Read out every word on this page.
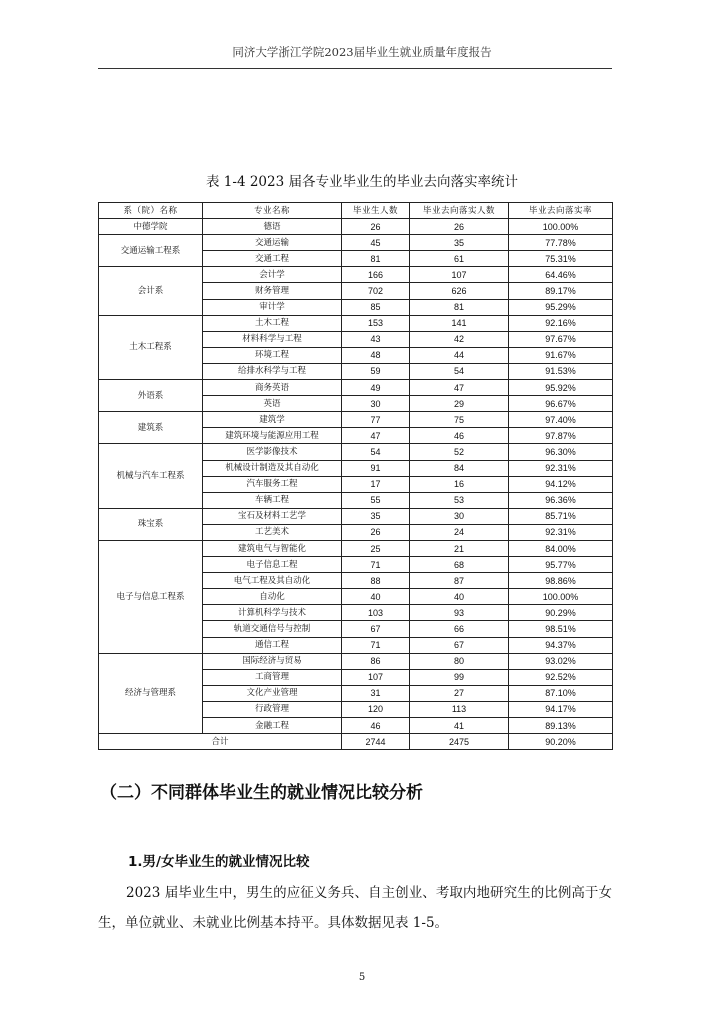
同济大学浙江学院2023届毕业生就业质量年度报告
表 1-4 2023 届各专业毕业生的毕业去向落实率统计
系（院）名称	专业名称	毕业生人数	毕业去向落实人数	毕业去向落实率
中德学院	德语	26	26	100.00%
交通运输工程系	交通运输	45	35	77.78%
	交通工程	81	61	75.31%
会计系	会计学	166	107	64.46%
	财务管理	702	626	89.17%
	审计学	85	81	95.29%
土木工程系	土木工程	153	141	92.16%
	材料科学与工程	43	42	97.67%
	环境工程	48	44	91.67%
	给排水科学与工程	59	54	91.53%
外语系	商务英语	49	47	95.92%
	英语	30	29	96.67%
建筑系	建筑学	77	75	97.40%
	建筑环境与能源应用工程	47	46	97.87%
机械与汽车工程系	医学影像技术	54	52	96.30%
	机械设计制造及其自动化	91	84	92.31%
	汽车服务工程	17	16	94.12%
	车辆工程	55	53	96.36%
珠宝系	宝石及材料工艺学	35	30	85.71%
	工艺美术	26	24	92.31%
电子与信息工程系	建筑电气与智能化	25	21	84.00%
	电子信息工程	71	68	95.77%
	电气工程及其自动化	88	87	98.86%
	自动化	40	40	100.00%
	计算机科学与技术	103	93	90.29%
	轨道交通信号与控制	67	66	98.51%
	通信工程	71	67	94.37%
经济与管理系	国际经济与贸易	86	80	93.02%
	工商管理	107	99	92.52%
	文化产业管理	31	27	87.10%
	行政管理	120	113	94.17%
	金融工程	46	41	89.13%
合计		2744	2475	90.20%
（二）不同群体毕业生的就业情况比较分析
1.男/女毕业生的就业情况比较

2023 届毕业生中，男生的应征义务兵、自主创业、考取内地研究生的比例高于女生，单位就业、未就业比例基本持平。具体数据见表 1-5。

5
